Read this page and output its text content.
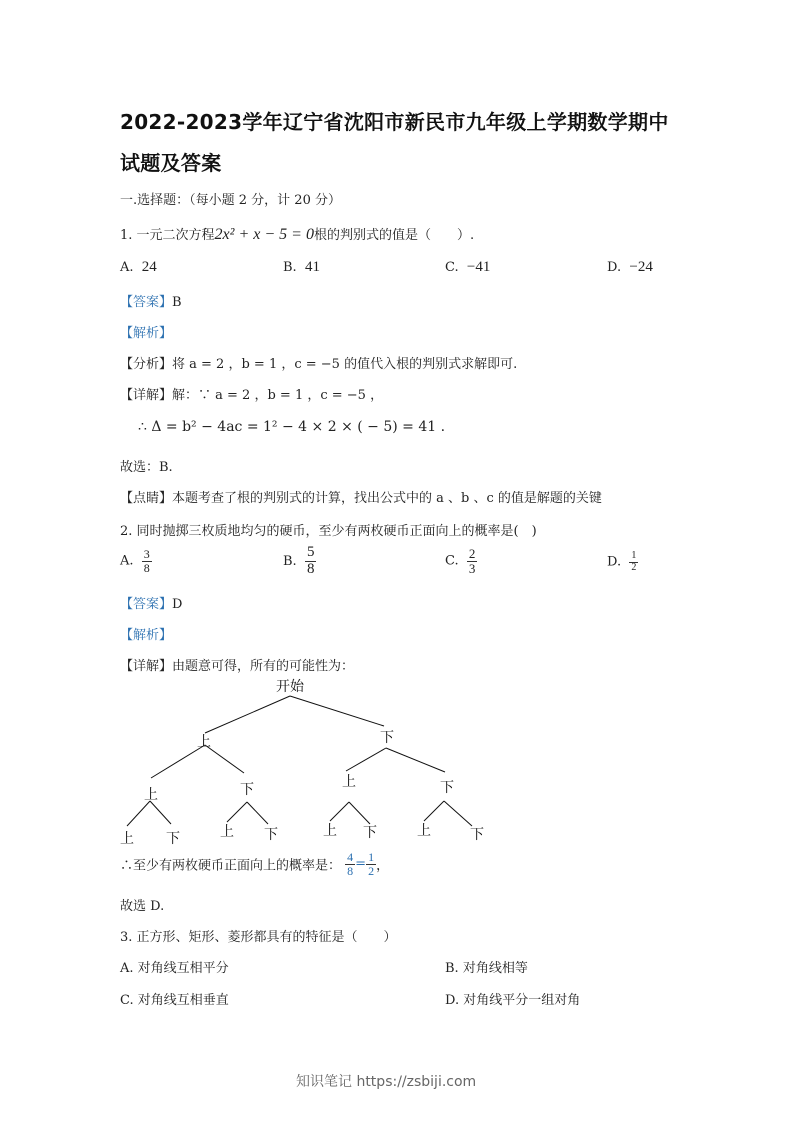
2022-2023学年辽宁省沈阳市新民市九年级上学期数学期中
试题及答案
一.选择题：（每小题 2 分，计 20 分）
1. 一元二次方程2x² + x − 5 = 0根的判别式的值是（　　）.
A. 24	B. 41	C. −41	D. −24
【答案】B
【解析】
【分析】将 a = 2 ，b = 1 ，c = −5 的值代入根的判别式求解即可.
【详解】解：∵ a = 2 ，b = 1 ，c = −5 ，
∴ Δ = b² − 4ac = 1² − 4 × 2 × ( − 5) = 41 .
故选：B.
【点睛】本题考查了根的判别式的计算，找出公式中的 a 、b 、c 的值是解题的关键
2. 同时抛掷三枚质地均匀的硬币，至少有两枚硬币正面向上的概率是(　)
A. $\frac{3}{8}$	B. $\frac{5}{8}$	C. $\frac{2}{3}$	D. $\frac{1}{2}$
【答案】D
【解析】
【详解】由题意可得，所有的可能性为：
开始
上	下
上	下	上	下
上 下	上 下	上 下	上	下
∴至少有两枚硬币正面向上的概率是： $\frac{4}{8} = \frac{1}{2}$ ，
故选 D.
3. 正方形、矩形、菱形都具有的特征是（　　）
A. 对角线互相平分	B. 对角线相等
C. 对角线互相垂直	D. 对角线平分一组对角
知识笔记 https://zsbiji.com
